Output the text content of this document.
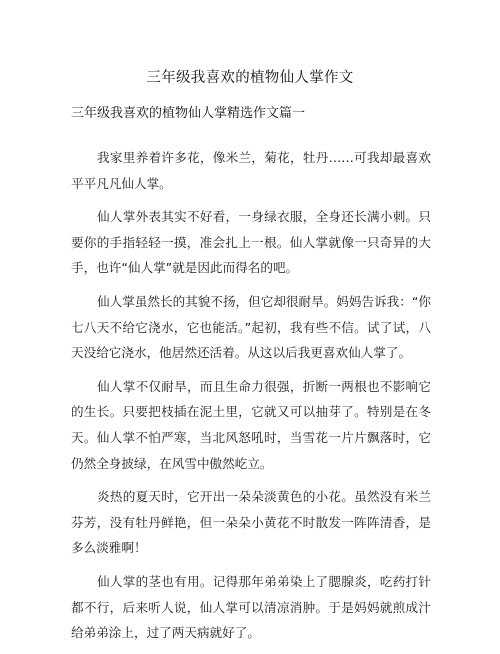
三年级我喜欢的植物仙人掌作文
三年级我喜欢的植物仙人掌精选作文篇一

我家里养着许多花，像米兰，菊花，牡丹……可我却最喜欢平平凡凡仙人掌。

仙人掌外表其实不好看，一身绿衣服，全身还长满小刺。只要你的手指轻轻一摸，准会扎上一根。仙人掌就像一只奇异的大手，也许“仙人掌”就是因此而得名的吧。

仙人掌虽然长的其貌不扬，但它却很耐旱。妈妈告诉我：“你七八天不给它浇水，它也能活。”起初，我有些不信。试了试，八天没给它浇水，他居然还活着。从这以后我更喜欢仙人掌了。

仙人掌不仅耐旱，而且生命力很强，折断一两根也不影响它的生长。只要把枝插在泥土里，它就又可以抽芽了。特别是在冬天。仙人掌不怕严寒，当北风怒吼时，当雪花一片片飘落时，它仍然全身披绿，在风雪中傲然屹立。

炎热的夏天时，它开出一朵朵淡黄色的小花。虽然没有米兰芬芳，没有牡丹鲜艳，但一朵朵小黄花不时散发一阵阵清香，是多么淡雅啊！

仙人掌的茎也有用。记得那年弟弟染上了腮腺炎，吃药打针都不行，后来听人说，仙人掌可以清凉消肿。于是妈妈就煎成汁给弟弟涂上，过了两天病就好了。
